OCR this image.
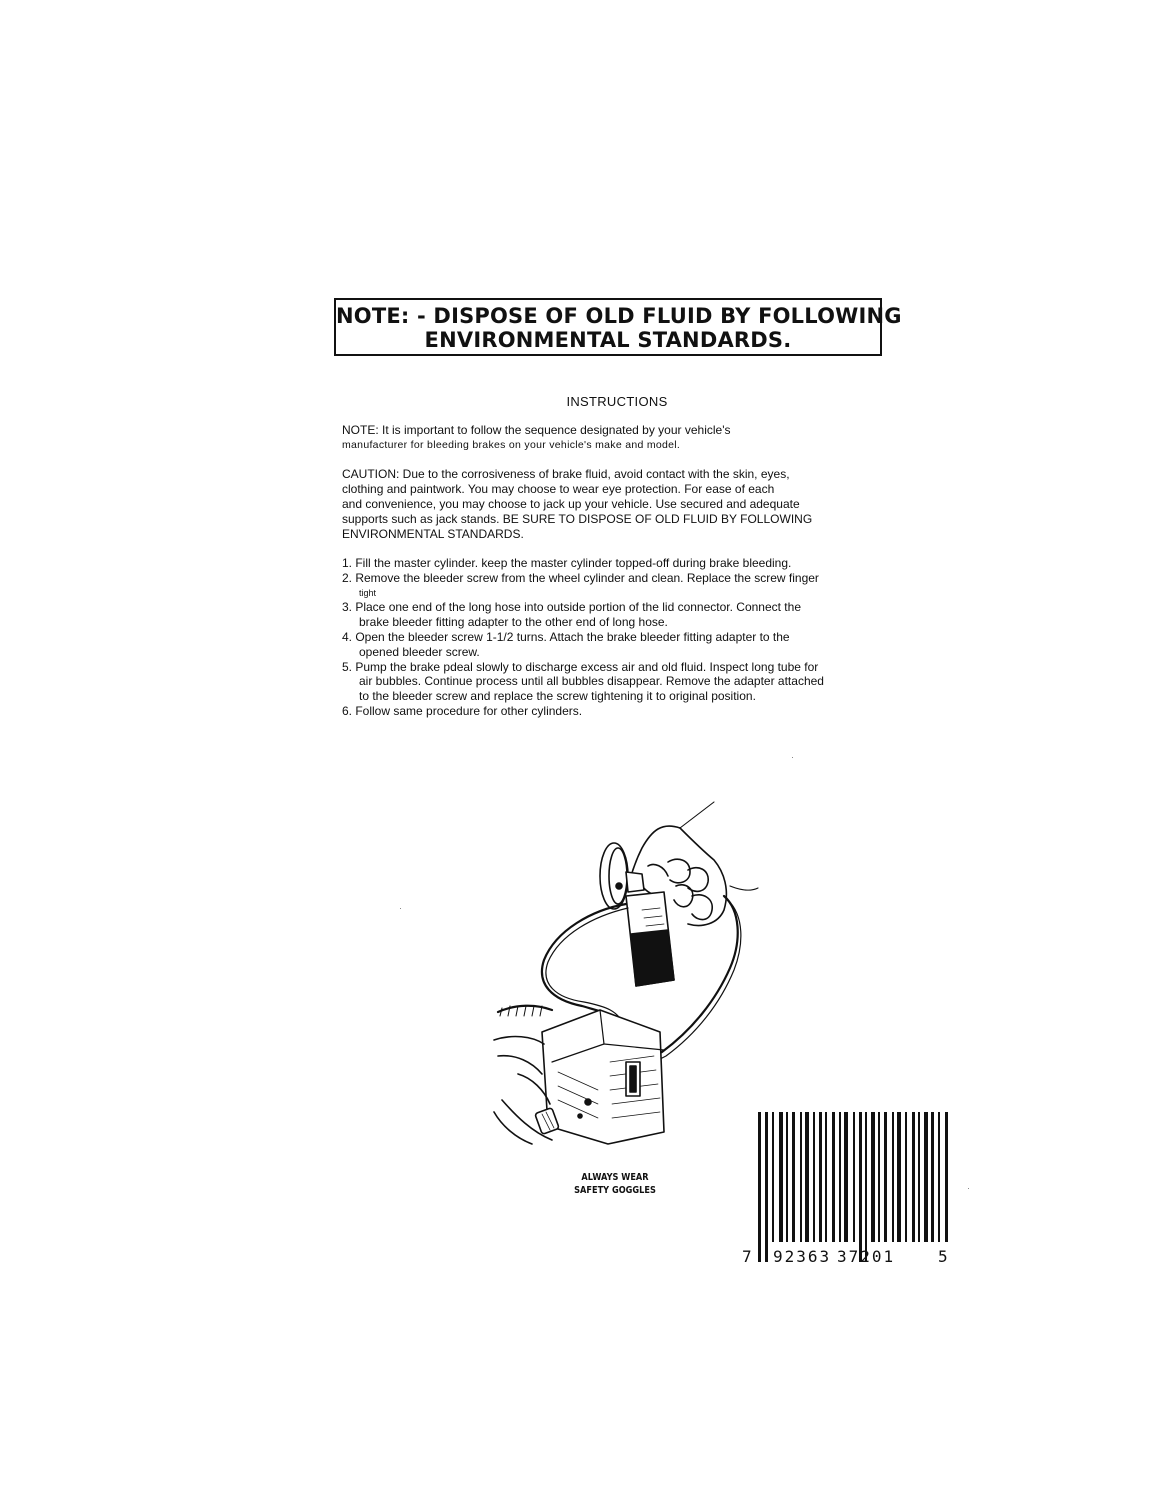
NOTE: - DISPOSE OF OLD FLUID BY FOLLOWING
ENVIRONMENTAL STANDARDS.
INSTRUCTIONS
NOTE: It is important to follow the sequence designated by your vehicle's
manufacturer for bleeding brakes on your vehicle's make and model.
CAUTION: Due to the corrosiveness of brake fluid, avoid contact with the skin, eyes,
clothing and paintwork. You may choose to wear eye protection. For ease of each
and convenience, you may choose to jack up your vehicle. Use secured and adequate
supports such as jack stands. BE SURE TO DISPOSE OF OLD FLUID BY FOLLOWING
ENVIRONMENTAL STANDARDS.
1. Fill the master cylinder. keep the master cylinder topped-off during brake bleeding.
2. Remove the bleeder screw from the wheel cylinder and clean. Replace the screw finger
tight
3. Place one end of the long hose into outside portion of the lid connector. Connect the
brake bleeder fitting adapter to the other end of long hose.
4. Open the bleeder screw 1-1/2 turns. Attach the brake bleeder fitting adapter to the
opened bleeder screw.
5. Pump the brake pdeal slowly to discharge excess air and old fluid. Inspect long tube for
air bubbles. Continue process until all bubbles disappear. Remove the adapter attached
to the bleeder screw and replace the screw tightening it to original position.
6. Follow same procedure for other cylinders.
ALWAYS WEAR
SAFETY GOGGLES
7 92363 37201	5
